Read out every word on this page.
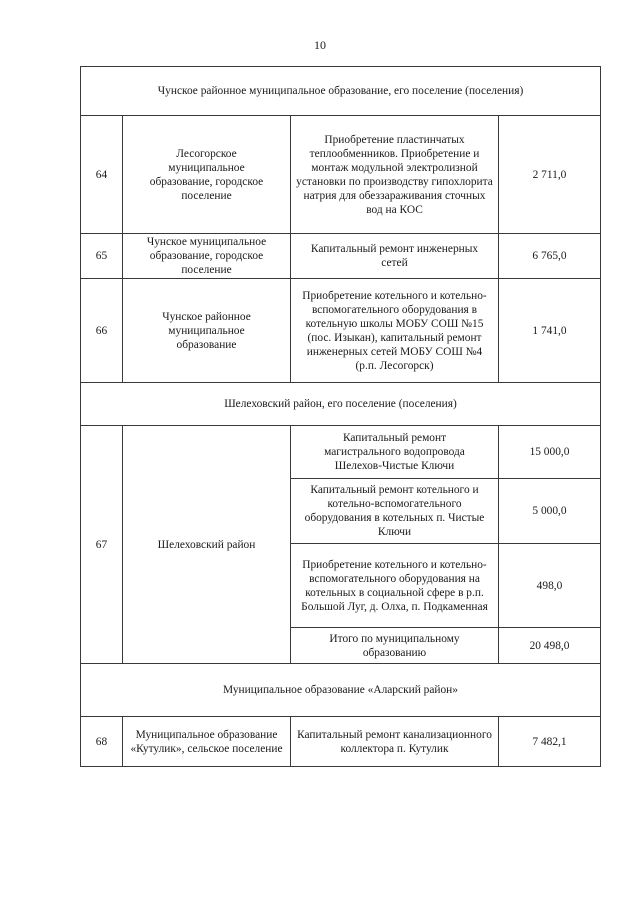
10
Чунское районное муниципальное образование, его поселение (поселения)			
64	Лесогорское муниципальное образование, городское поселение	Приобретение пластинчатых теплообменников. Приобретение и монтаж модульной электролизной установки по производству гипохлорита натрия для обеззараживания сточных вод на КОС	2 711,0
65	Чунское муниципальное образование, городское поселение	Капитальный ремонт инженерных сетей	6 765,0
66	Чунское районное муниципальное образование	Приобретение котельного и котельно-вспомогательного оборудования в котельную школы МОБУ СОШ №15 (пос. Изыкан), капитальный ремонт инженерных сетей МОБУ СОШ №4 (р.п. Лесогорск)	1 741,0
Шелеховский район, его поселение (поселения)			
67	Шелеховский район	Капитальный ремонт магистрального водопровода Шелехов-Чистые Ключи	15 000,0
		Капитальный ремонт котельного и котельно-вспомогательного оборудования в котельных п. Чистые Ключи	5 000,0
		Приобретение котельного и котельно-вспомогательного оборудования на котельных в социальной сфере в р.п. Большой Луг, д. Олха, п. Подкаменная	498,0
		Итого по муниципальному образованию	20 498,0
Муниципальное образование «Аларский район»			
68	Муниципальное образование «Кутулик», сельское поселение	Капитальный ремонт канализационного коллектора п. Кутулик	7 482,1
